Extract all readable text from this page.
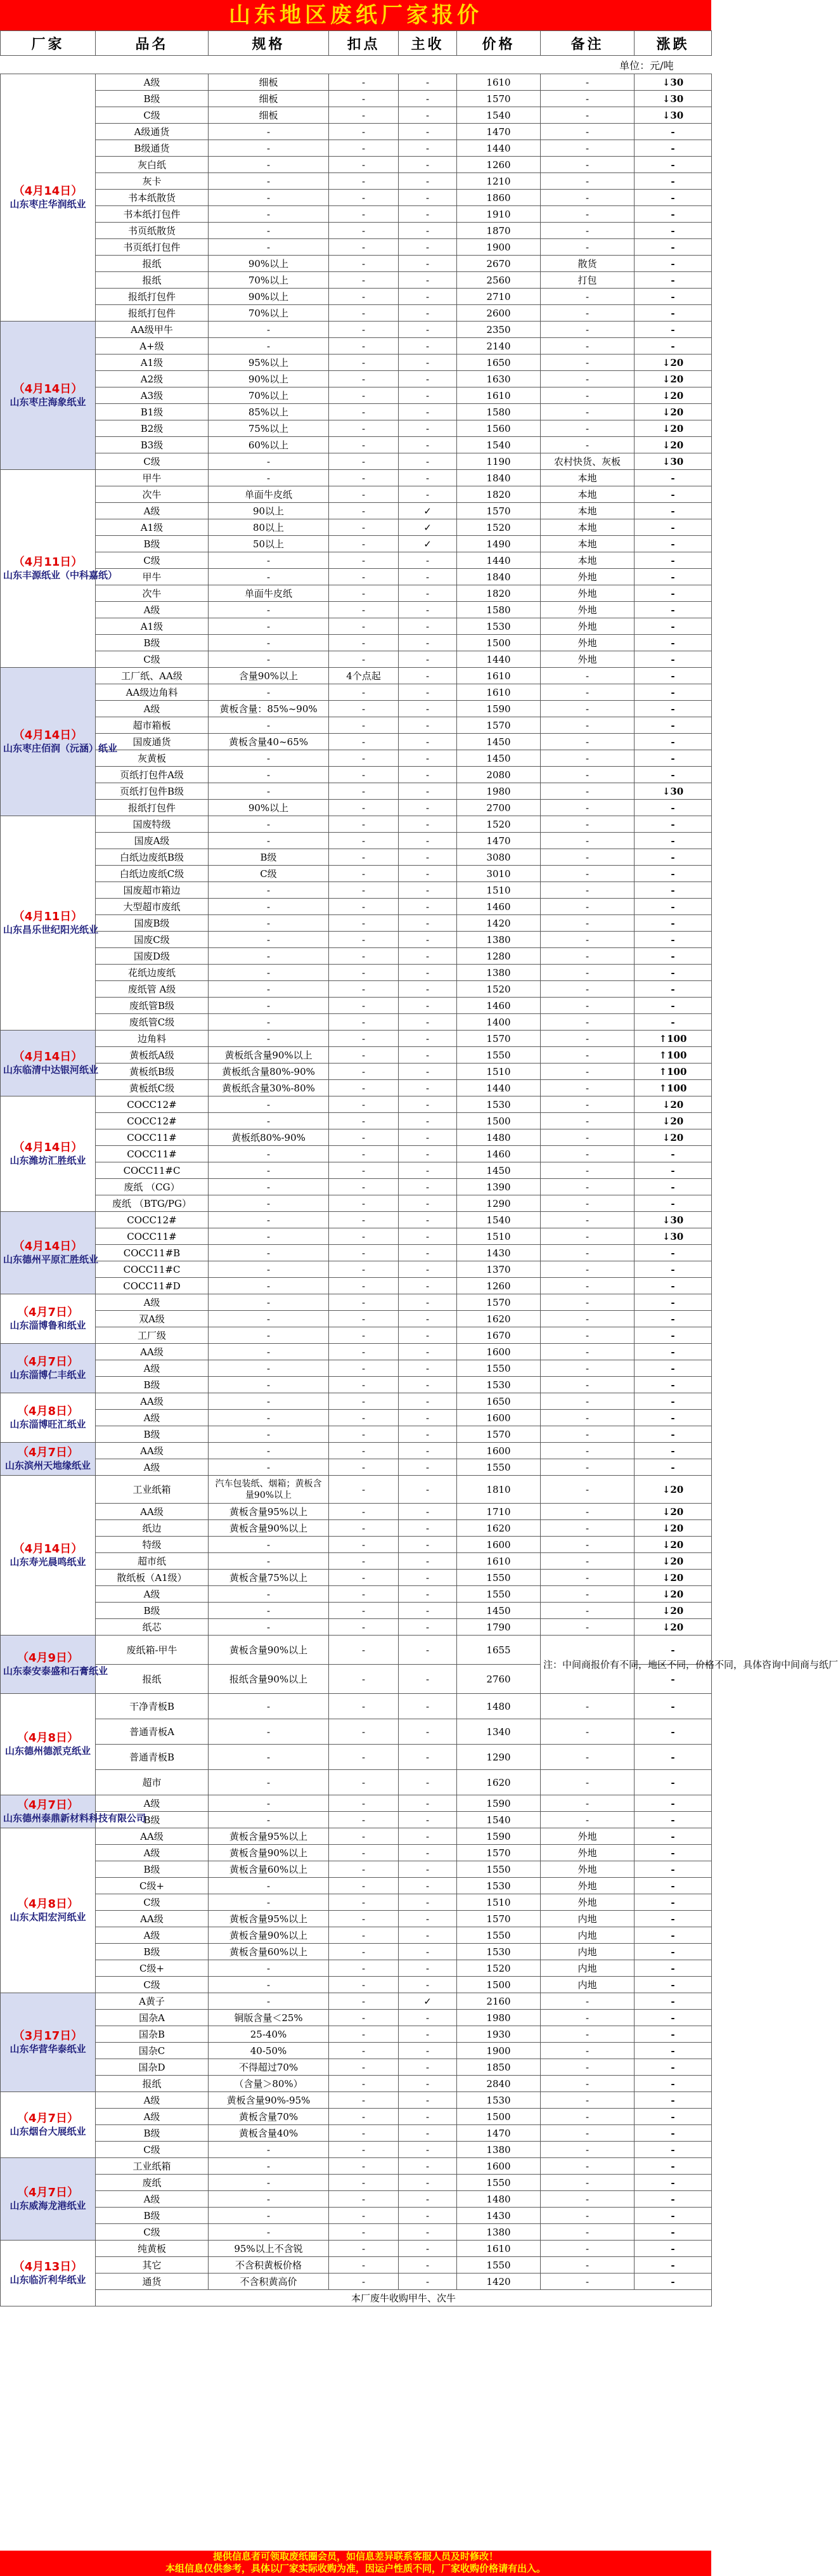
山东地区废纸厂家报价
厂家	品名	规格	扣点	主收	价格	备注	涨跌
单位：元/吨							

（4月14日）
山东枣庄华润纸业	A级	细板	-	-	1610	-	↓30
	B级	细板	-	-	1570	-	↓30
	C级	细板	-	-	1540	-	↓30
	A级通货	-	-	-	1470	-	-
	B级通货	-	-	-	1440	-	-
	灰白纸	-	-	-	1260	-	-
	灰卡	-	-	-	1210	-	-
	书本纸散货	-	-	-	1860	-	-
	书本纸打包件	-	-	-	1910	-	-
	书页纸散货	-	-	-	1870	-	-
	书页纸打包件	-	-	-	1900	-	-
	报纸	90%以上	-	-	2670	散货	-
	报纸	70%以上	-	-	2560	打包	-
	报纸打包件	90%以上	-	-	2710	-	-
	报纸打包件	70%以上	-	-	2600	-	-

（4月14日）
山东枣庄海象纸业	AA级甲牛	-	-	-	2350	-	-
	A+级	-	-	-	2140	-	-
	A1级	95%以上	-	-	1650	-	↓20
	A2级	90%以上	-	-	1630	-	↓20
	A3级	70%以上	-	-	1610	-	↓20
	B1级	85%以上	-	-	1580	-	↓20
	B2级	75%以上	-	-	1560	-	↓20
	B3级	60%以上	-	-	1540	-	↓20
	C级	-	-	-	1190	农村快货、灰板	↓30

（4月11日）
山东丰源纸业（中科嘉纸）	甲牛	-	-	-	1840	本地	-
	次牛	单面牛皮纸	-	-	1820	本地	-
	A级	90以上	-	✓	1570	本地	-
	A1级	80以上	-	✓	1520	本地	-
	B级	50以上	-	✓	1490	本地	-
	C级	-	-	-	1440	本地	-
	甲牛	-	-	-	1840	外地	-
	次牛	单面牛皮纸	-	-	1820	外地	-
	A级	-	-	-	1580	外地	-
	A1级	-	-	-	1530	外地	-
	B级	-	-	-	1500	外地	-
	C级	-	-	-	1440	外地	-

（4月14日）
山东枣庄佰润（沅涵）纸业	工厂纸、AA级	含量90%以上	4个点起	-	1610	-	-
	AA级边角料	-	-	-	1610	-	-
	A级	黄板含量：85%~90%	-	-	1590	-	-
	超市箱板	-	-	-	1570	-	-
	国废通货	黄板含量40~65%	-	-	1450	-	-
	灰黄板	-	-	-	1450	-	-
	页纸打包件A级	-	-	-	2080	-	-
	页纸打包件B级	-	-	-	1980	-	↓30
	报纸打包件	90%以上	-	-	2700	-	-

（4月11日）
山东昌乐世纪阳光纸业	国废特级	-	-	-	1520	-	-
	国废A级	-	-	-	1470	-	-
	白纸边废纸B级	B级	-	-	3080	-	-
	白纸边废纸C级	C级	-	-	3010	-	-
	国废超市箱边	-	-	-	1510	-	-
	大型超市废纸	-	-	-	1460	-	-
	国废B级	-	-	-	1420	-	-
	国废C级	-	-	-	1380	-	-
	国废D级	-	-	-	1280	-	-
	花纸边废纸	-	-	-	1380	-	-
	废纸管 A级	-	-	-	1520	-	-
	废纸管B级	-	-	-	1460	-	-
	废纸管C级	-	-	-	1400	-	-

（4月14日）
山东临清中达银河纸业	边角料	-	-	-	1570	-	↑100
	黄板纸A级	黄板纸含量90%以上	-	-	1550	-	↑100
	黄板纸B级	黄板纸含量80%-90%	-	-	1510	-	↑100
	黄板纸C级	黄板纸含量30%-80%	-	-	1440	-	↑100

（4月14日）
山东潍坊汇胜纸业	COCC12#	-	-	-	1530	-	↓20
	COCC12#	-	-	-	1500	-	↓20
	COCC11#	黄板纸80%-90%	-	-	1480	-	↓20
	COCC11#	-	-	-	1460	-	-
	COCC11#C	-	-	-	1450	-	-
	废纸 （CG）	-	-	-	1390	-	-
	废纸 （BTG/PG）	-	-	-	1290	-	-

（4月14日）
山东德州平原汇胜纸业	COCC12#	-	-	-	1540	-	↓30
	COCC11#	-	-	-	1510	-	↓30
	COCC11#B	-	-	-	1430	-	-
	COCC11#C	-	-	-	1370	-	-
	COCC11#D	-	-	-	1260	-	-

（4月7日）
山东淄博鲁和纸业	A级	-	-	-	1570	-	-
	双A级	-	-	-	1620	-	-
	工厂级	-	-	-	1670	-	-

（4月7日）
山东淄博仁丰纸业	AA级	-	-	-	1600	-	-
	A级	-	-	-	1550	-	-
	B级	-	-	-	1530	-	-

（4月8日）
山东淄博旺汇纸业	AA级	-	-	-	1650	-	-
	A级	-	-	-	1600	-	-
	B级	-	-	-	1570	-	-

（4月7日）
山东滨州天地缘纸业	AA级	-	-	-	1600	-	-
	A级	-	-	-	1550	-	-

（4月14日）
山东寿光晨鸣纸业	工业纸箱	汽车包装纸、烟箱；黄板含量90%以上	-	-	1810	-	↓20
	AA级	黄板含量95%以上	-	-	1710	-	↓20
	纸边	黄板含量90%以上	-	-	1620	-	↓20
	特级	-	-	-	1600	-	↓20
	超市纸	-	-	-	1610	-	↓20
	散纸板（A1级）	黄板含量75%以上	-	-	1550	-	↓20
	A级	-	-	-	1550	-	↓20
	B级	-	-	-	1450	-	↓20
	纸芯	-	-	-	1790	-	↓20

（4月9日）
山东泰安泰盛和石膏纸业	废纸箱-甲牛	黄板含量90%以上	-	-	1655	注：中间商报价有不同，地区不同，价格不同，具体咨询中间商与纸厂	-
	报纸	报纸含量90%以上	-	-	2760		-

（4月8日）
山东德州德派克纸业	干净青板B	-	-	-	1480	-	-
	普通青板A	-	-	-	1340	-	-
	普通青板B	-	-	-	1290	-	-
	超市	-	-	-	1620	-	-

（4月7日）
山东德州泰鼎新材料科技有限公司	A级	-	-	-	1590	-	-
	B级	-	-	-	1540	-	-

（4月8日）
山东太阳宏河纸业	AA级	黄板含量95%以上	-	-	1590	外地	-
	A级	黄板含量90%以上	-	-	1570	外地	-
	B级	黄板含量60%以上	-	-	1550	外地	-
	C级+	-	-	-	1530	外地	-
	C级	-	-	-	1510	外地	-
	AA级	黄板含量95%以上	-	-	1570	内地	-
	A级	黄板含量90%以上	-	-	1550	内地	-
	B级	黄板含量60%以上	-	-	1530	内地	-
	C级+	-	-	-	1520	内地	-
	C级	-	-	-	1500	内地	-

（3月17日）
山东华营华泰纸业	A黄子	-	-	✓	2160	-	-
	国杂A	铜版含量＜25%	-	-	1980	-	-
	国杂B	25-40%	-	-	1930	-	-
	国杂C	40-50%	-	-	1900	-	-
	国杂D	不得超过70%	-	-	1850	-	-
	报纸	（含量＞80%）	-	-	2840	-	-

（4月7日）
山东烟台大展纸业	A级	黄板含量90%-95%	-	-	1530	-	-
	A级	黄板含量70%	-	-	1500	-	-
	B级	黄板含量40%	-	-	1470	-	-
	C级	-	-	-	1380	-	-

（4月7日）
山东威海龙港纸业	工业纸箱	-	-	-	1600	-	-
	废纸	-	-	-	1550	-	-
	A级	-	-	-	1480	-	-
	B级	-	-	-	1430	-	-
	C级	-	-	-	1380	-	-

（4月13日）
山东临沂利华纸业	纯黄板	95%以上不含锐	-	-	1610	-	-
	其它	不含积黄板价格	-	-	1550	-	-
	通货	不含积黄高价	-	-	1420	-	-
	本厂废牛收购甲牛、次牛						
提供信息者可领取废纸圈会员，如信息差异联系客服人员及时修改！
本组信息仅供参考，具体以厂家实际收购为准，因运户性质不同，厂家收购价格请有出入。
